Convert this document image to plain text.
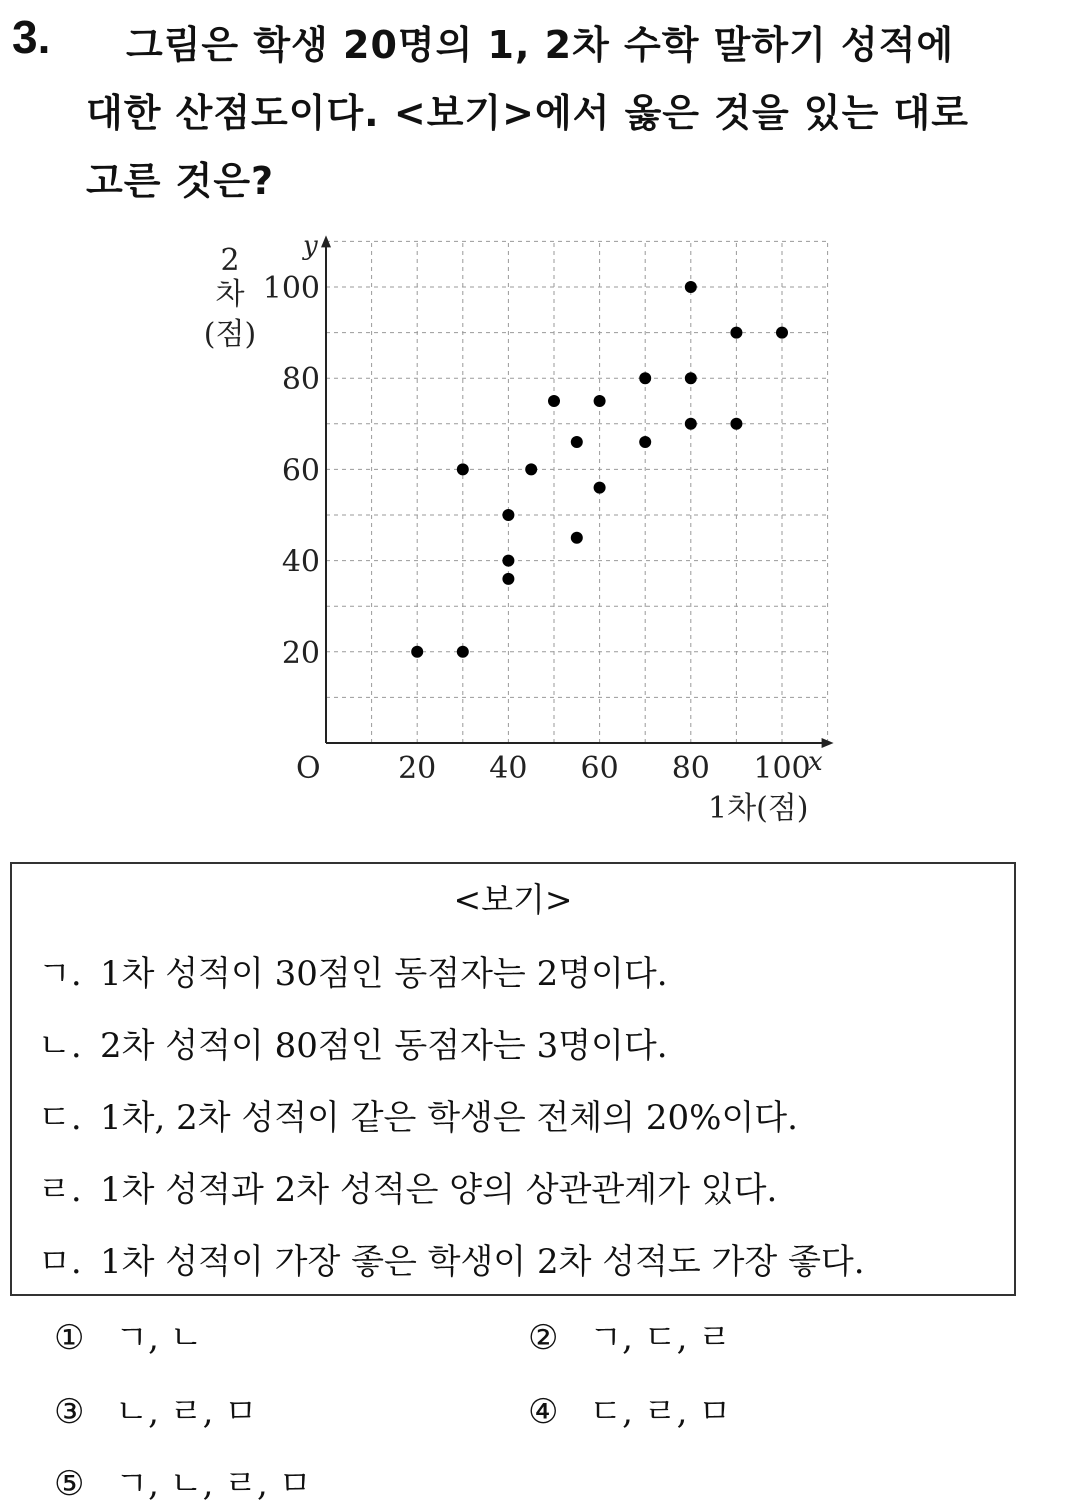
3. 그림은 학생 20명의 1, 2차 수학 말하기 성적에
대한 산점도이다. <보기>에서 옳은 것을 있는 대로
고른 것은?
20 40 60 80 100
20
40
60
80
100
x
y
O
1차(점)
2
차
(점)
<보기>
ㄱ. 1차 성적이 30점인 동점자는 2명이다.
ㄴ. 2차 성적이 80점인 동점자는 3명이다.
ㄷ. 1차, 2차 성적이 같은 학생은 전체의 20%이다.
ㄹ. 1차 성적과 2차 성적은 양의 상관관계가 있다.
ㅁ. 1차 성적이 가장 좋은 학생이 2차 성적도 가장 좋다.
① ㄱ, ㄴ	② ㄱ, ㄷ, ㄹ
③ ㄴ, ㄹ, ㅁ	④ ㄷ, ㄹ, ㅁ
⑤ ㄱ, ㄴ, ㄹ, ㅁ
